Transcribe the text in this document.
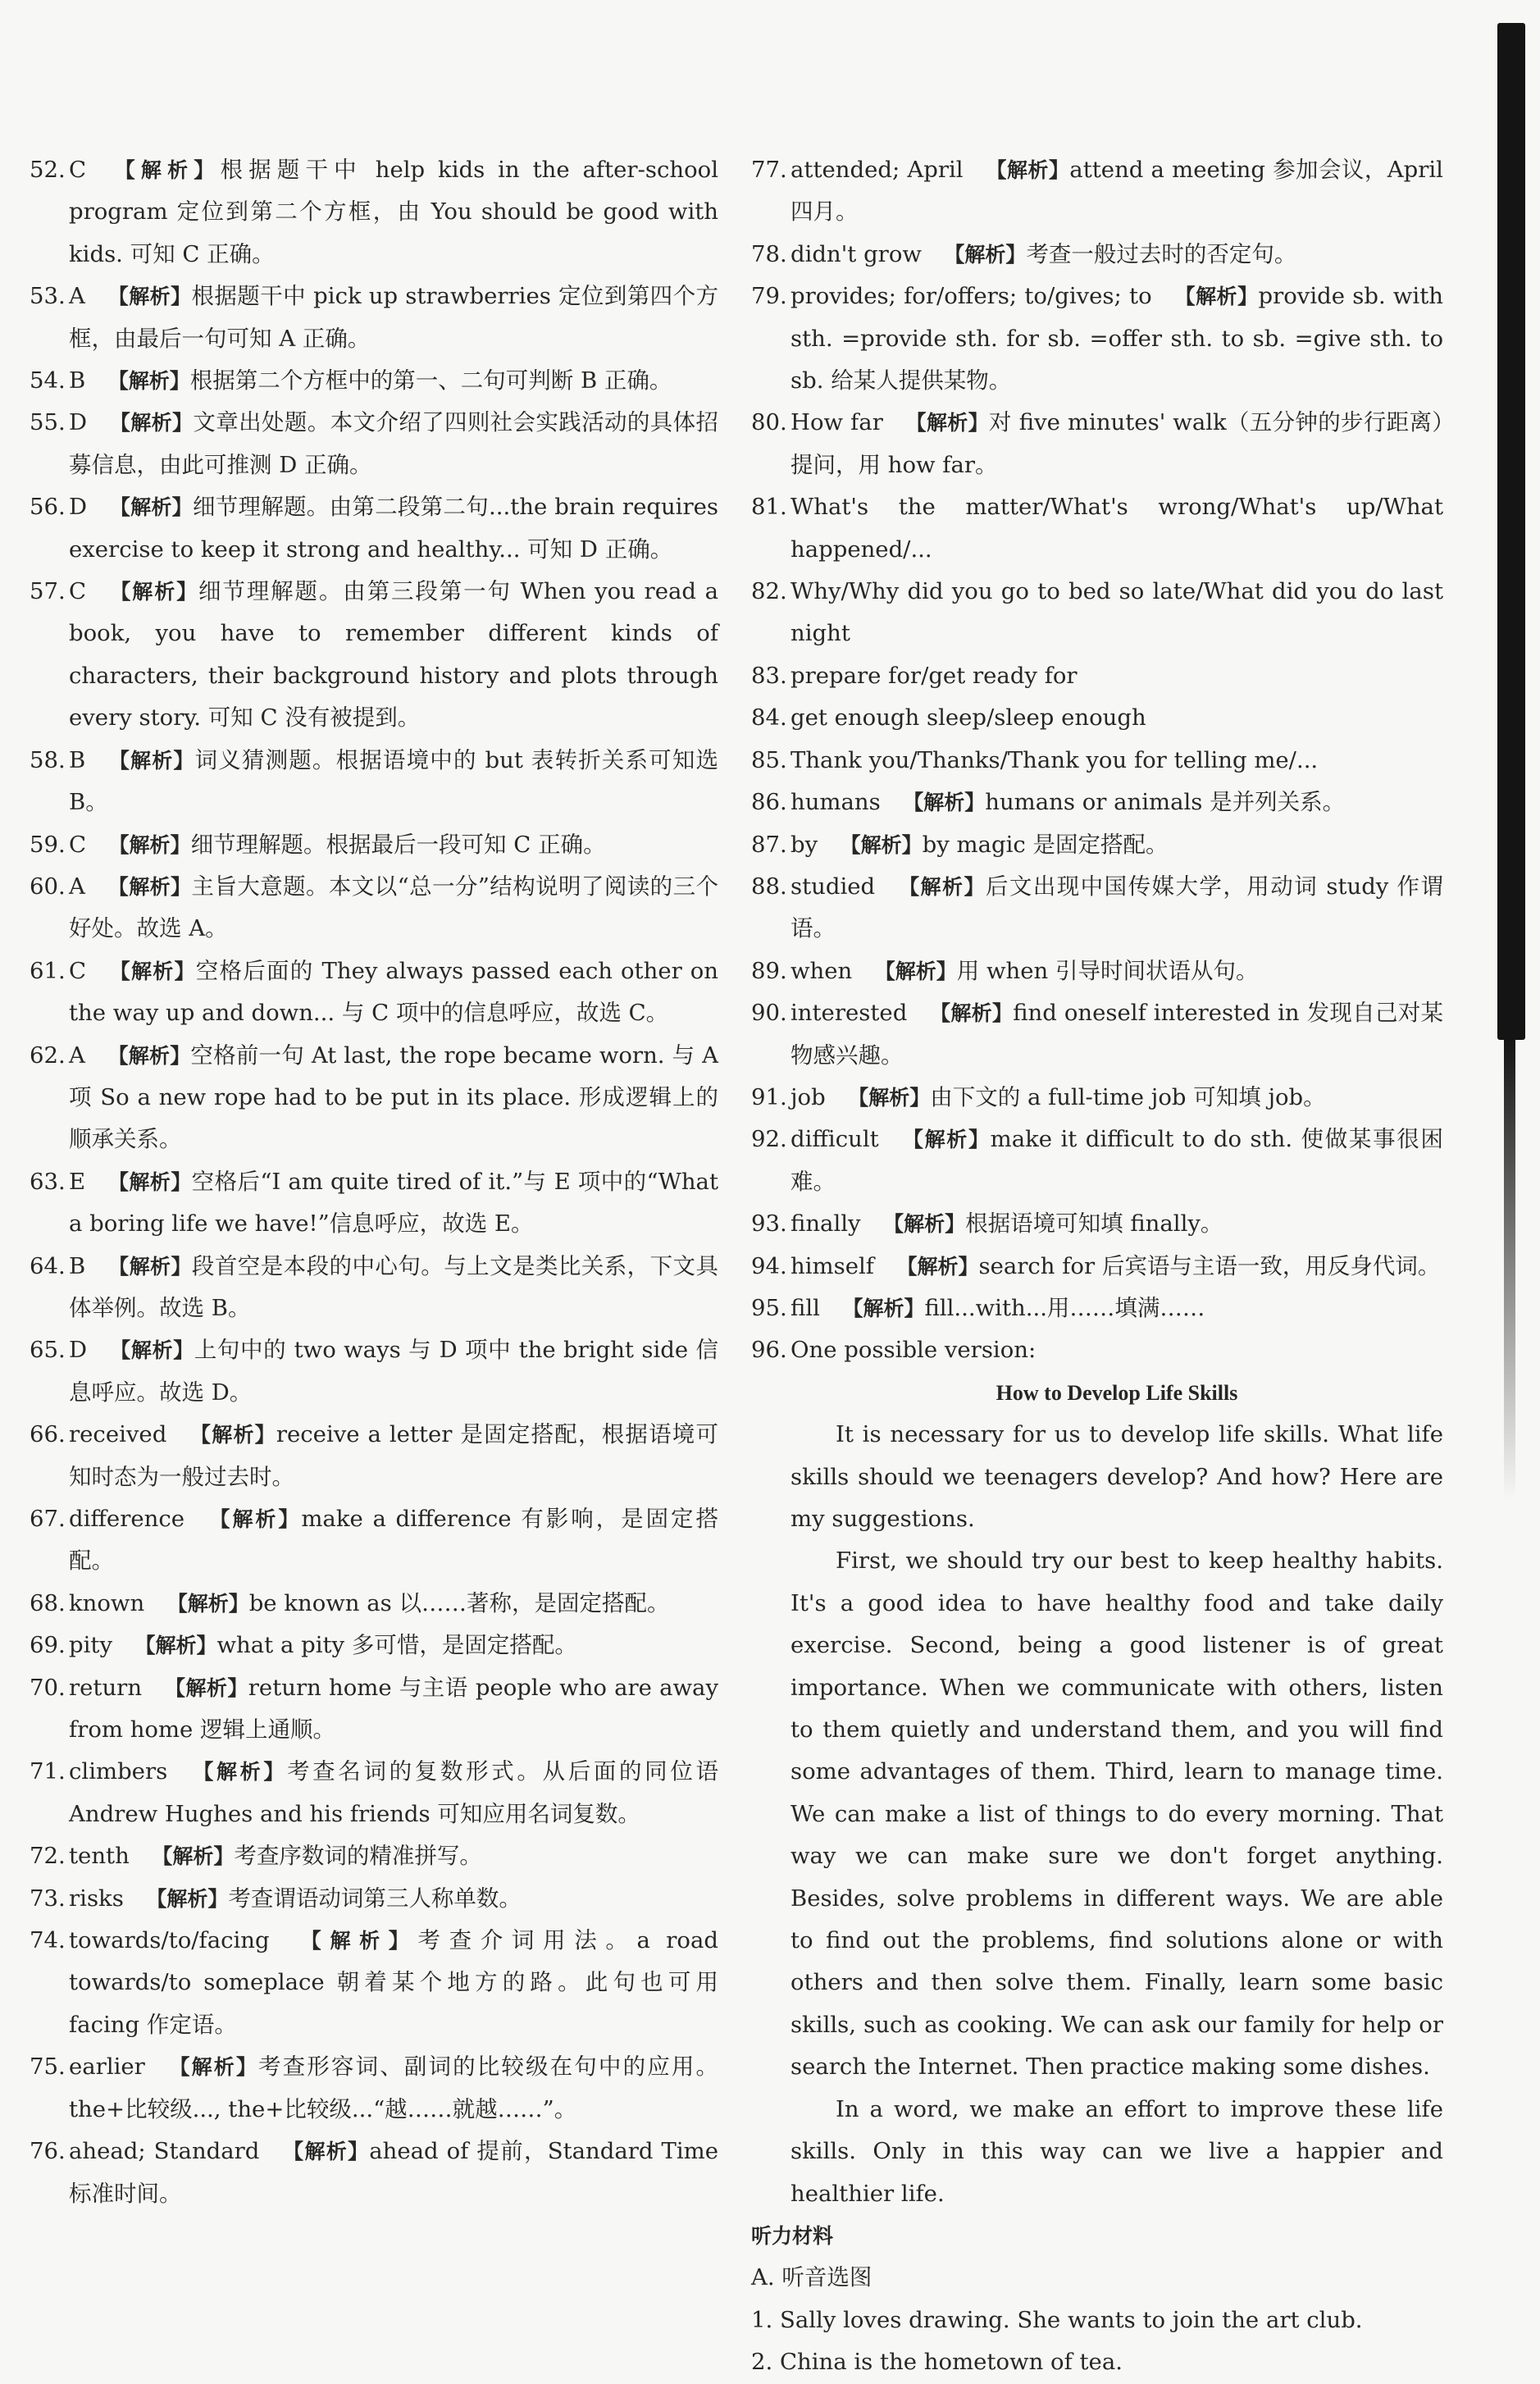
52. C  【解析】根据题干中 help kids in the after-school program 定位到第二个方框，由 You should be good with kids. 可知 C 正确。
53. A  【解析】根据题干中 pick up strawberries 定位到第四个方框，由最后一句可知 A 正确。
54. B  【解析】根据第二个方框中的第一、二句可判断 B 正确。
55. D  【解析】文章出处题。本文介绍了四则社会实践活动的具体招募信息，由此可推测 D 正确。
56. D  【解析】细节理解题。由第二段第二句...the brain requires exercise to keep it strong and healthy... 可知 D 正确。
57. C  【解析】细节理解题。由第三段第一句 When you read a book, you have to remember different kinds of characters, their background history and plots through every story. 可知 C 没有被提到。
58. B  【解析】词义猜测题。根据语境中的 but 表转折关系可知选 B。
59. C  【解析】细节理解题。根据最后一段可知 C 正确。
60. A  【解析】主旨大意题。本文以“总一分”结构说明了阅读的三个好处。故选 A。
61. C  【解析】空格后面的 They always passed each other on the way up and down... 与 C 项中的信息呼应，故选 C。
62. A  【解析】空格前一句 At last, the rope became worn. 与 A 项 So a new rope had to be put in its place. 形成逻辑上的顺承关系。
63. E  【解析】空格后“I am quite tired of it.”与 E 项中的“What a boring life we have!”信息呼应，故选 E。
64. B  【解析】段首空是本段的中心句。与上文是类比关系，下文具体举例。故选 B。
65. D  【解析】上句中的 two ways 与 D 项中 the bright side 信息呼应。故选 D。
66. received  【解析】receive a letter 是固定搭配，根据语境可知时态为一般过去时。
67. difference  【解析】make a difference 有影响，是固定搭配。
68. known  【解析】be known as 以……著称，是固定搭配。
69. pity  【解析】what a pity 多可惜，是固定搭配。
70. return  【解析】return home 与主语 people who are away from home 逻辑上通顺。
71. climbers  【解析】考查名词的复数形式。从后面的同位语 Andrew Hughes and his friends 可知应用名词复数。
72. tenth  【解析】考查序数词的精准拼写。
73. risks  【解析】考查谓语动词第三人称单数。
74. towards/to/facing  【解析】考查介词用法。a road towards/to someplace 朝着某个地方的路。此句也可用 facing 作定语。
75. earlier  【解析】考查形容词、副词的比较级在句中的应用。the+比较级..., the+比较级...“越……就越……”。
76. ahead; Standard  【解析】ahead of 提前，Standard Time 标准时间。
77. attended; April  【解析】attend a meeting 参加会议，April 四月。
78. didn't grow  【解析】考查一般过去时的否定句。
79. provides; for/offers; to/gives; to  【解析】provide sb. with sth. =provide sth. for sb. =offer sth. to sb. =give sth. to sb. 给某人提供某物。
80. How far  【解析】对 five minutes' walk（五分钟的步行距离）提问，用 how far。
81. What's the matter/What's wrong/What's up/What happened/...
82. Why/Why did you go to bed so late/What did you do last night
83. prepare for/get ready for
84. get enough sleep/sleep enough
85. Thank you/Thanks/Thank you for telling me/...
86. humans  【解析】humans or animals 是并列关系。
87. by  【解析】by magic 是固定搭配。
88. studied  【解析】后文出现中国传媒大学，用动词 study 作谓语。
89. when  【解析】用 when 引导时间状语从句。
90. interested  【解析】find oneself interested in 发现自己对某物感兴趣。
91. job  【解析】由下文的 a full-time job 可知填 job。
92. difficult  【解析】make it difficult to do sth. 使做某事很困难。
93. finally  【解析】根据语境可知填 finally。
94. himself  【解析】search for 后宾语与主语一致，用反身代词。
95. fill  【解析】fill...with...用……填满……
96. One possible version:
How to Develop Life Skills
It is necessary for us to develop life skills. What life skills should we teenagers develop? And how? Here are my suggestions.
First, we should try our best to keep healthy habits. It's a good idea to have healthy food and take daily exercise. Second, being a good listener is of great importance. When we communicate with others, listen to them quietly and understand them, and you will find some advantages of them. Third, learn to manage time. We can make a list of things to do every morning. That way we can make sure we don't forget anything. Besides, solve problems in different ways. We are able to find out the problems, find solutions alone or with others and then solve them. Finally, learn some basic skills, such as cooking. We can ask our family for help or search the Internet. Then practice making some dishes.
In a word, we make an effort to improve these life skills. Only in this way can we live a happier and healthier life.
听力材料
A. 听音选图
1. Sally loves drawing. She wants to join the art club.
2. China is the hometown of tea.
